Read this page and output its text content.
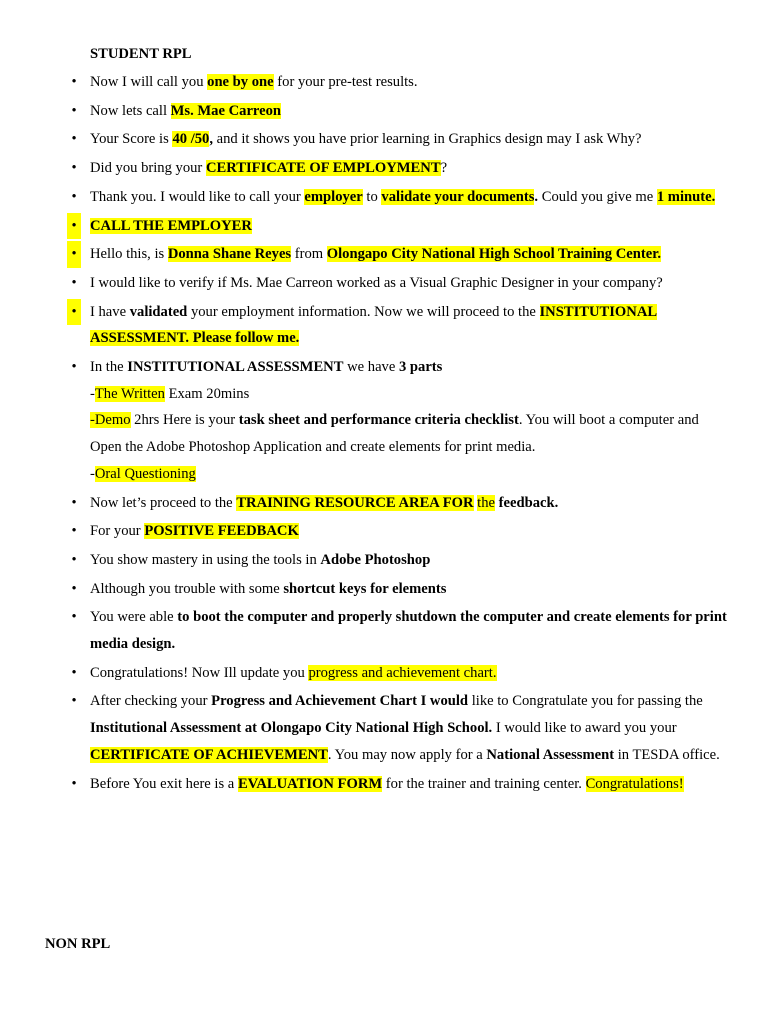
STUDENT RPL
• Now I will call you one by one for your pre-test results.
• Now lets call Ms. Mae Carreon
• Your Score is 40 /50, and it shows you have prior learning in Graphics design may I ask Why?
• Did you bring your CERTIFICATE OF EMPLOYMENT?
• Thank you. I would like to call your employer to validate your documents. Could you give me 1 minute.
• CALL THE EMPLOYER
• Hello this, is Donna Shane Reyes from Olongapo City National High School Training Center.
• I would like to verify if Ms. Mae Carreon worked as a Visual Graphic Designer in your company?
• I have validated your employment information. Now we will proceed to the INSTITUTIONAL ASSESSMENT. Please follow me.
• In the INSTITUTIONAL ASSESSMENT we have 3 parts
-The Written Exam 20mins
-Demo 2hrs Here is your task sheet and performance criteria checklist. You will boot a computer and Open the Adobe Photoshop Application and create elements for print media.
-Oral Questioning
• Now let’s proceed to the TRAINING RESOURCE AREA FOR the feedback.
• For your POSITIVE FEEDBACK
• You show mastery in using the tools in Adobe Photoshop
• Although you trouble with some shortcut keys for elements
• You were able to boot the computer and properly shutdown the computer and create elements for print media design.
• Congratulations! Now Ill update you progress and achievement chart.
• After checking your Progress and Achievement Chart I would like to Congratulate you for passing the Institutional Assessment at Olongapo City National High School. I would like to award you your CERTIFICATE OF ACHIEVEMENT. You may now apply for a National Assessment in TESDA office.
• Before You exit here is a EVALUATION FORM for the trainer and training center. Congratulations!
NON RPL
